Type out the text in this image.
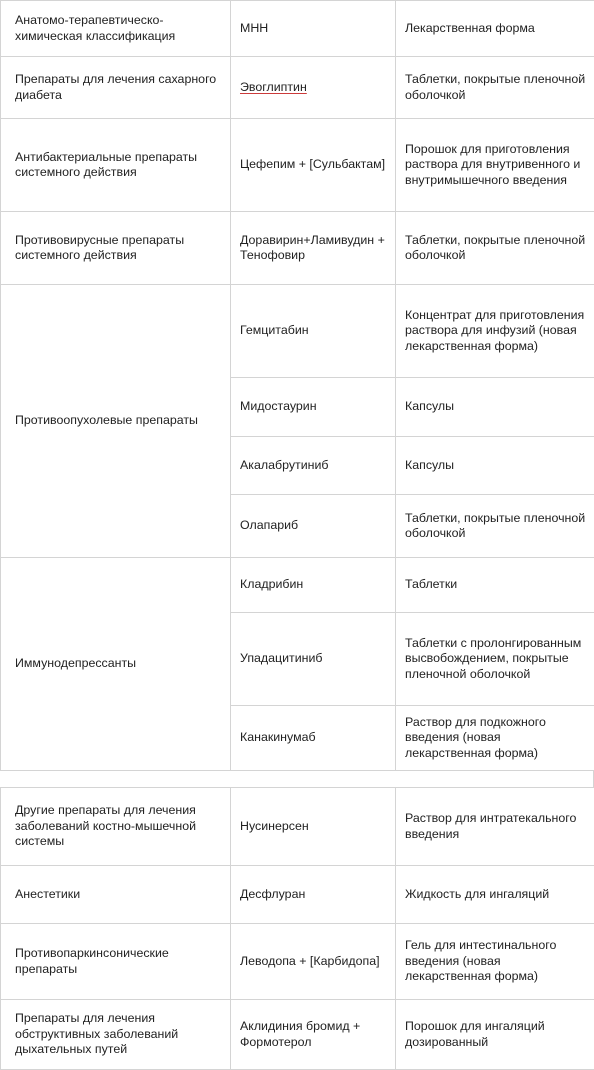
Анатомо-терапевтическо-химическая классификация	МНН	Лекарственная форма
Препараты для лечения сахарного диабета	Эвоглиптин	Таблетки, покрытые пленочной оболочкой
Антибактериальные препараты системного действия	Цефепим + [Сульбактам]	Порошок для приготовления раствора для внутривенного и внутримышечного введения
Противовирусные препараты системного действия	Доравирин+Ламивудин + Тенофовир	Таблетки, покрытые пленочной оболочкой
Противоопухолевые препараты	Гемцитабин	Концентрат для приготовления раствора для инфузий (новая лекарственная форма)
	Мидостаурин	Капсулы
	Акалабрутиниб	Капсулы
	Олапариб	Таблетки, покрытые пленочной оболочкой
Иммунодепрессанты	Кладрибин	Таблетки
	Упадацитиниб	Таблетки с пролонгированным высвобождением, покрытые пленочной оболочкой
	Канакинумаб	Раствор для подкожного введения (новая лекарственная форма)
Другие препараты для лечения заболеваний костно-мышечной системы	Нусинерсен	Раствор для интратекального введения
Анестетики	Десфлуран	Жидкость для ингаляций
Противопаркинсонические препараты	Леводопа + [Карбидопа]	Гель для интестинального введения (новая лекарственная форма)
Препараты для лечения обструктивных заболеваний дыхательных путей	Аклидиния бромид + Формотерол	Порошок для ингаляций дозированный
